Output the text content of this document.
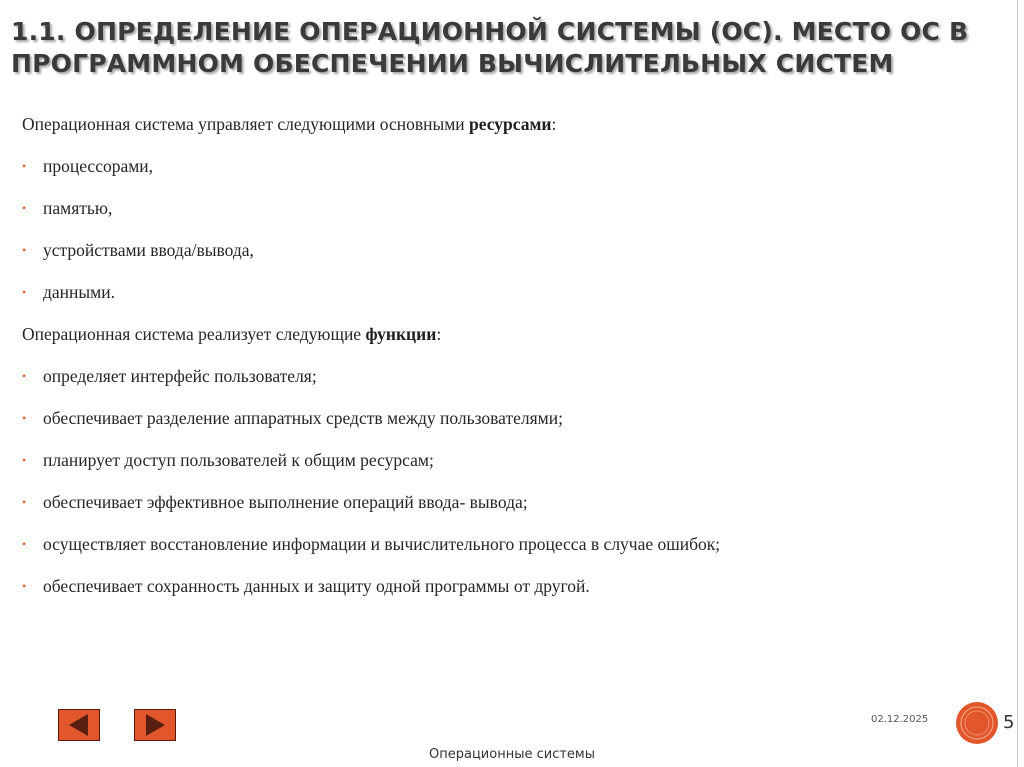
1.1. ОПРЕДЕЛЕНИЕ ОПЕРАЦИОННОЙ СИСТЕМЫ (ОС). МЕСТО ОС В
ПРОГРАММНОМ ОБЕСПЕЧЕНИИ ВЫЧИСЛИТЕЛЬНЫХ СИСТЕМ

Операционная система управляет следующими основными ресурсами:

• процессорами,
• памятью,
• устройствами ввода/вывода,
• данными.

Операционная система реализует следующие функции:

• определяет интерфейс пользователя;
• обеспечивает разделение аппаратных средств между пользователями;
• планирует доступ пользователей к общим ресурсам;
• обеспечивает эффективное выполнение операций ввода- вывода;
• осуществляет восстановление информации и вычислительного процесса в случае ошибок;
• обеспечивает сохранность данных и защиту одной программы от другой.
02.12.2025	5
Операционные системы
